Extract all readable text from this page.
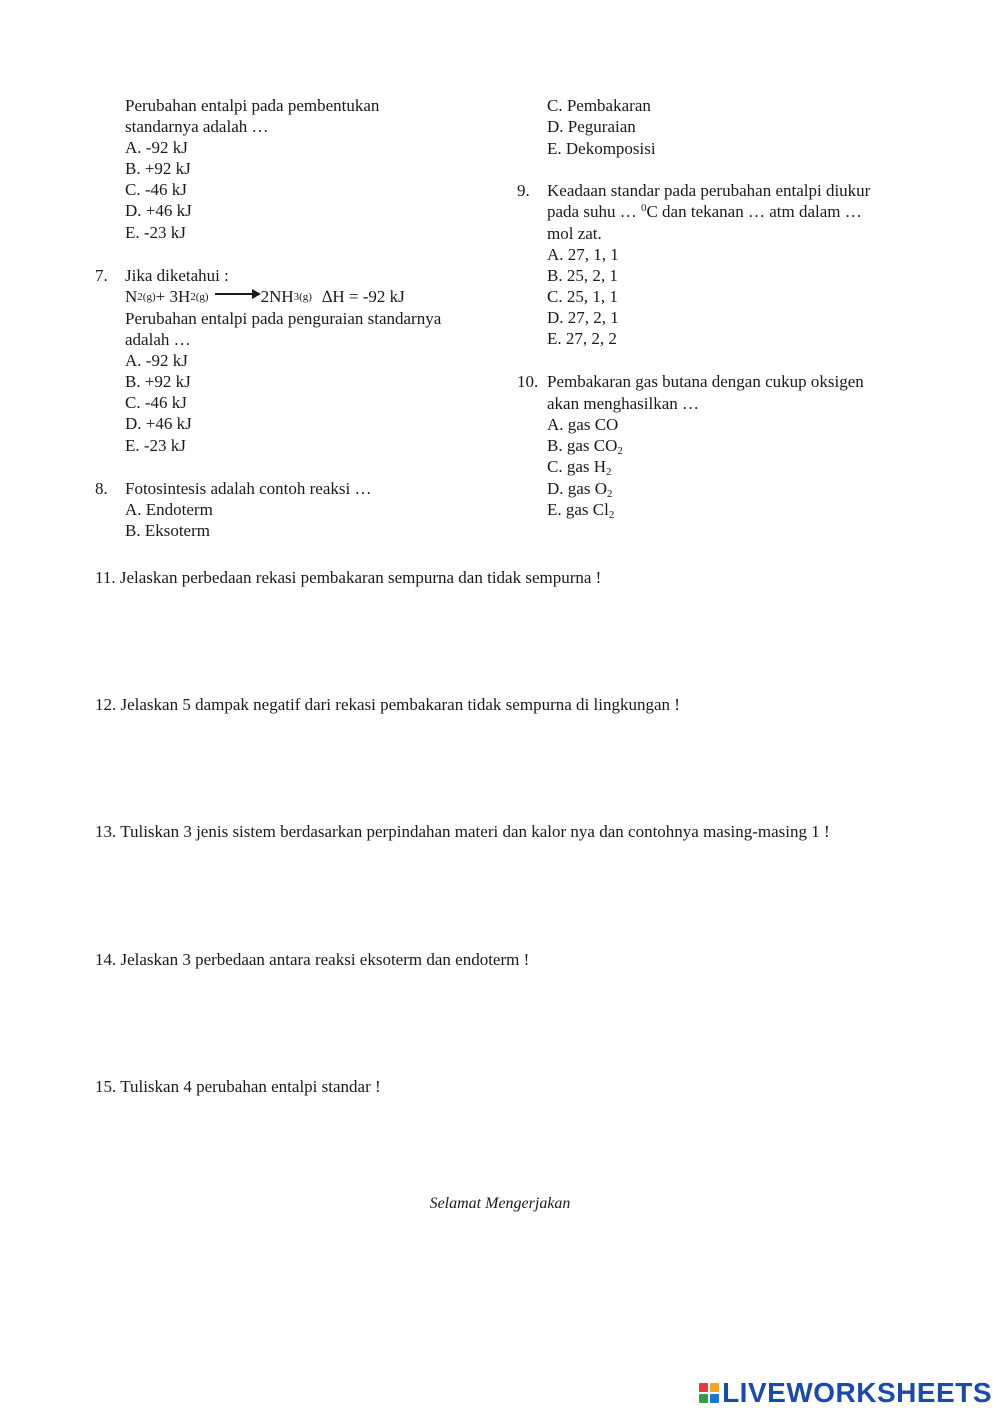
Perubahan entalpi pada pembentukan
standarnya adalah …
A. -92 kJ
B. +92 kJ
C. -46 kJ
D. +46 kJ
E. -23 kJ
7. Jika diketahui :
N 2(g) + 3H 2(g) → 2NH 3(g) ∆H = -92 kJ
Perubahan entalpi pada penguraian standarnya
adalah …
A. -92 kJ
B. +92 kJ
C. -46 kJ
D. +46 kJ
E. -23 kJ
8. Fotosintesis adalah contoh reaksi …
A. Endoterm
B. Eksoterm
C. Pembakaran
D. Peguraian
E. Dekomposisi
9. Keadaan standar pada perubahan entalpi diukur
pada suhu … $^0$C dan tekanan … atm dalam …
mol zat.
A. 27, 1, 1
B. 25, 2, 1
C. 25, 1, 1
D. 27, 2, 1
E. 27, 2, 2
10. Pembakaran gas butana dengan cukup oksigen
akan menghasilkan …
A. gas CO
B. gas $CO_2$
C. gas $H_2$
D. gas $O_2$
E. gas $Cl_2$
11. Jelaskan perbedaan rekasi pembakaran sempurna dan tidak sempurna !
12. Jelaskan 5 dampak negatif dari rekasi pembakaran tidak sempurna di lingkungan !
13. Tuliskan 3 jenis sistem berdasarkan perpindahan materi dan kalor nya dan contohnya masing-masing 1 !
14. Jelaskan 3 perbedaan antara reaksi eksoterm dan endoterm !
15. Tuliskan 4 perubahan entalpi standar !
Selamat Mengerjakan
LIVEWORKSHEETS
